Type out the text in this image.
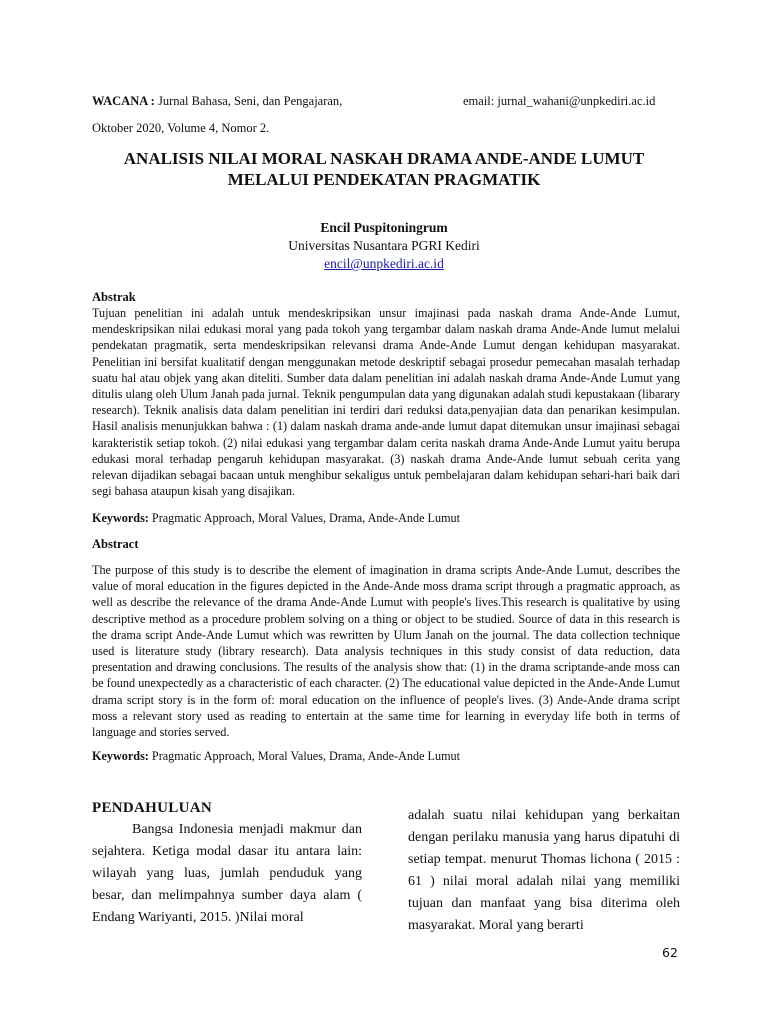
WACANA : Jurnal Bahasa, Seni, dan Pengajaran,	email: jurnal_wahani@unpkediri.ac.id
Oktober 2020, Volume 4, Nomor 2.
ANALISIS NILAI MORAL NASKAH DRAMA ANDE-ANDE LUMUT
MELALUI PENDEKATAN PRAGMATIK
Encil Puspitoningrum
Universitas Nusantara PGRI Kediri
encil@unpkediri.ac.id
Abstrak
Tujuan penelitian ini adalah untuk mendeskripsikan unsur imajinasi pada naskah drama Ande-Ande Lumut, mendeskripsikan nilai edukasi moral yang pada tokoh yang tergambar dalam naskah drama Ande-Ande lumut melalui pendekatan pragmatik, serta mendeskripsikan relevansi drama Ande-Ande Lumut dengan kehidupan masyarakat. Penelitian ini bersifat kualitatif dengan menggunakan metode deskriptif sebagai prosedur pemecahan masalah terhadap suatu hal atau objek yang akan diteliti. Sumber data dalam penelitian ini adalah naskah drama Ande-Ande Lumut yang ditulis ulang oleh Ulum Janah pada jurnal. Teknik pengumpulan data yang digunakan adalah studi kepustakaan (libarary research). Teknik analisis data dalam penelitian ini terdiri dari reduksi data,penyajian data dan penarikan kesimpulan. Hasil analisis menunjukkan bahwa : (1) dalam naskah drama ande-ande lumut dapat ditemukan unsur imajinasi sebagai karakteristik setiap tokoh. (2) nilai edukasi yang tergambar dalam cerita naskah drama Ande-Ande Lumut yaitu berupa edukasi moral terhadap pengaruh kehidupan masyarakat. (3) naskah drama Ande-Ande lumut sebuah cerita yang relevan dijadikan sebagai bacaan untuk menghibur sekaligus untuk pembelajaran dalam kehidupan sehari-hari baik dari segi bahasa ataupun kisah yang disajikan.
Keywords: Pragmatic Approach, Moral Values, Drama, Ande-Ande Lumut
Abstract
The purpose of this study is to describe the element of imagination in drama scripts Ande-Ande Lumut, describes the value of moral education in the figures depicted in the Ande-Ande moss drama script through a pragmatic approach, as well as describe the relevance of the drama Ande-Ande Lumut with people's lives.This research is qualitative by using descriptive method as a procedure problem solving on a thing or object to be studied. Source of data in this research is the drama script Ande-Ande Lumut which was rewritten by Ulum Janah on the journal. The data collection technique used is literature study (library research). Data analysis techniques in this study consist of data reduction, data presentation and drawing conclusions. The results of the analysis show that: (1) in the drama scriptande-ande moss can be found unexpectedly as a characteristic of each character. (2) The educational value depicted in the Ande-Ande Lumut drama script story is in the form of: moral education on the influence of people's lives. (3) Ande-Ande drama script moss a relevant story used as reading to entertain at the same time for learning in everyday life both in terms of language and stories served.
Keywords: Pragmatic Approach, Moral Values, Drama, Ande-Ande Lumut
PENDAHULUAN
Bangsa Indonesia menjadi makmur dan sejahtera. Ketiga modal dasar itu antara lain: wilayah yang luas, jumlah penduduk yang besar, dan melimpahnya sumber daya alam ( Endang Wariyanti, 2015. )Nilai moral
adalah suatu nilai kehidupan yang berkaitan dengan perilaku manusia yang harus dipatuhi di setiap tempat. menurut Thomas lichona ( 2015 : 61 ) nilai moral adalah nilai yang memiliki tujuan dan manfaat yang bisa diterima oleh masyarakat. Moral yang berarti
62
